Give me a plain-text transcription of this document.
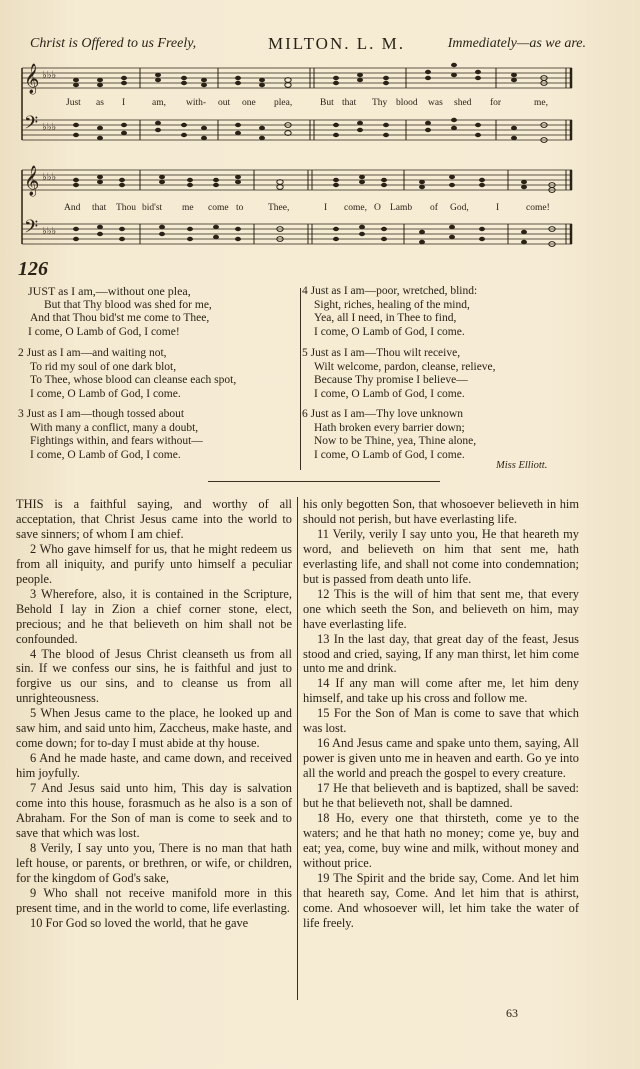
Christ is Offered to us Freely,	MILTON. L. M.	Immediately—as we are.
𝄞
𝄢
♭♭♭
♭♭♭
Just as I	am, with- out one plea,	But that Thy blood was shed for	me,
𝄞
𝄢
♭♭♭
♭♭♭
And that Thou bid'st me come to	Thee,	I come, O Lamb of God,	I	come!
126
JUST as I am,—without one plea,
But that Thy blood was shed for me,
And that Thou bid'st me come to Thee,
I come, O Lamb of God, I come!
2 Just as I am—and waiting not,
To rid my soul of one dark blot,
To Thee, whose blood can cleanse each spot,
I come, O Lamb of God, I come.
3 Just as I am—though tossed about
With many a conflict, many a doubt,
Fightings within, and fears without—
I come, O Lamb of God, I come.
4 Just as I am—poor, wretched, blind:
Sight, riches, healing of the mind,
Yea, all I need, in Thee to find,
I come, O Lamb of God, I come.
5 Just as I am—Thou wilt receive,
Wilt welcome, pardon, cleanse, relieve,
Because Thy promise I believe—
I come, O Lamb of God, I come.
6 Just as I am—Thy love unknown
Hath broken every barrier down;
Now to be Thine, yea, Thine alone,
I come, O Lamb of God, I come.
Miss Elliott.

THIS is a faithful saying, and worthy of all acceptation, that Christ Jesus came into the world to save sinners; of whom I am chief.

2 Who gave himself for us, that he might redeem us from all iniquity, and purify unto himself a peculiar people.

3 Wherefore, also, it is contained in the Scripture, Behold I lay in Zion a chief corner stone, elect, precious; and he that believeth on him shall not be confounded.

4 The blood of Jesus Christ cleanseth us from all sin. If we confess our sins, he is faithful and just to forgive us our sins, and to cleanse us from all unrighteousness.

5 When Jesus came to the place, he looked up and saw him, and said unto him, Zaccheus, make haste, and come down; for to-day I must abide at thy house.

6 And he made haste, and came down, and received him joyfully.

7 And Jesus said unto him, This day is salvation come into this house, forasmuch as he also is a son of Abraham. For the Son of man is come to seek and to save that which was lost.

8 Verily, I say unto you, There is no man that hath left house, or parents, or brethren, or wife, or children, for the kingdom of God's sake,

9 Who shall not receive manifold more in this present time, and in the world to come, life everlasting.

10 For God so loved the world, that he gave

his only begotten Son, that whosoever believeth in him should not perish, but have everlasting life.

11 Verily, verily I say unto you, He that heareth my word, and believeth on him that sent me, hath everlasting life, and shall not come into condemnation; but is passed from death unto life.

12 This is the will of him that sent me, that every one which seeth the Son, and believeth on him, may have everlasting life.

13 In the last day, that great day of the feast, Jesus stood and cried, saying, If any man thirst, let him come unto me and drink.

14 If any man will come after me, let him deny himself, and take up his cross and follow me.

15 For the Son of Man is come to save that which was lost.

16 And Jesus came and spake unto them, saying, All power is given unto me in heaven and earth. Go ye into all the world and preach the gospel to every creature.

17 He that believeth and is baptized, shall be saved: but he that believeth not, shall be damned.

18 Ho, every one that thirsteth, come ye to the waters; and he that hath no money; come ye, buy and eat; yea, come, buy wine and milk, without money and without price.

19 The Spirit and the bride say, Come. And let him that heareth say, Come. And let him that is athirst, come. And whosoever will, let him take the water of life freely.

63
